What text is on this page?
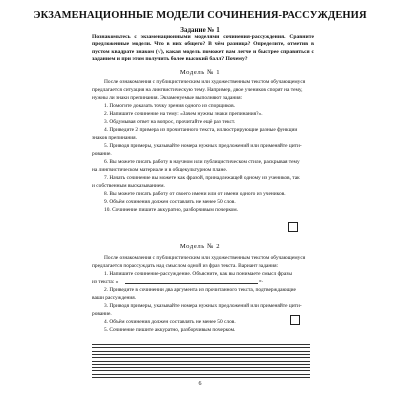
ЭКЗАМЕНАЦИОННЫЕ МОДЕЛИ СОЧИНЕНИЯ-РАССУЖДЕНИЯ
Задание № 1
Познакомьтесь с экзаменационными моделями сочинения-рассуждения. Сравните предложенные модели. Что в них общего? В чём разница? Определите, отметив в пустом квадрате знаком (√), какая модель поможет вам легче и быстрее справиться с заданием и при этом получить более высокий балл? Почему?
Модель № 1
После ознакомления с публицистическим или художественным текстом обучающемуся
предлагается ситуация на лингвистическую тему. Например, двое учеников спорят на тему,
нужны ли знаки препинания. Экзаменуемые выполняют задания:
1. Помогите доказать точку зрения одного из спорщиков.
2. Напишите сочинение на тему: «Зачем нужны знаки препинания?».
3. Обдумывая ответ на вопрос, прочитайте ещё раз текст.
4. Приведите 2 примера из прочитанного текста, иллюстрирующие разные функции
знаков препинания.
5. Приводя примеры, указывайте номера нужных предложений или применяйте цити-
рование.
6. Вы можете писать работу в научном или публицистическом стиле, раскрывая тему
на лингвистическом материале и в общекультурном плане.
7. Начать сочинение вы можете как фразой, принадлежащей одному из учеников, так
и собственным высказыванием.
8. Вы можете писать работу от своего имени или от имени одного из учеников.
9. Объём сочинения должен составлять не менее 50 слов.
10. Сочинение пишите аккуратно, разборчивым почерком.
Модель № 2
После ознакомления с публицистическим или художественным текстом обучающемуся
предлагается порассуждать над смыслом одной из фраз текста. Вариант задания:
1. Напишите сочинение-рассуждение. Объясните, как вы понимаете смысл фразы
из текста: «
2. Приведите в сочинении два аргумента из прочитанного текста, подтверждающие
ваши рассуждения.
3. Приводя примеры, указывайте номера нужных предложений или применяйте цити-
рование.
4. Объём сочинения должен составлять не менее 50 слов.
5. Сочинение пишите аккуратно, разборчивым почерком.
».
6
